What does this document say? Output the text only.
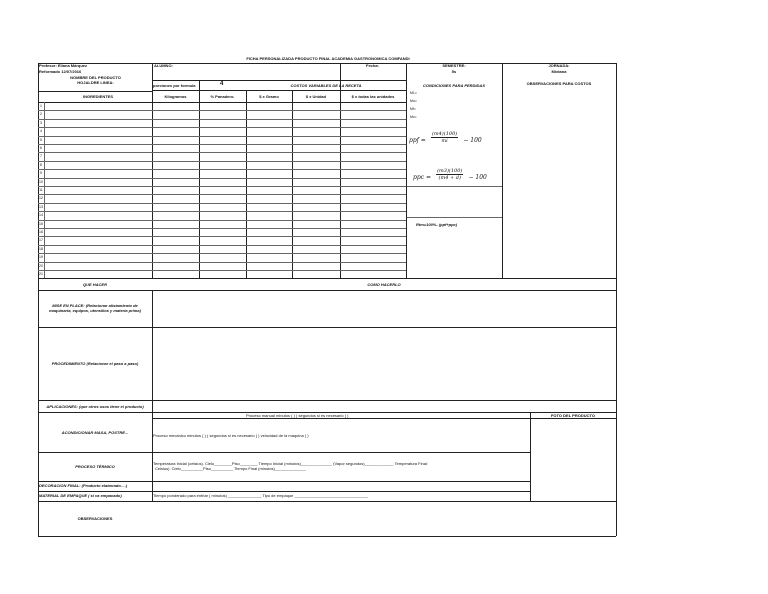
FICHA PERSONALIZADA PRODUCTO FINAL ACADEMIA GASTRONOMICA COMFANDI
Profesor: Eliana Márquez
Reformado 12/07/2016
NOMBRE DEL PRODUCTO
HOJALDRE LINEA:
ALUMNO:	Fecha:	SEMESTRE:
5s
JORNADA:
Mixtana
porciones por formula	4	COSTOS VARIABLES DE LA RECETA	CONDICIONES PARA PERDIDAS	OBSERVACIONES PARA COSTOS
INGREDIENTES	Kilogramos	% Panadero.	$ x Gramo	$ x Unidad	$ x todas las unidades
1
2
3
4
5
6
7
8
9
10
11
12
13
14
15
16
17
18
19
20
21
M1=
Mu=
Mf=
Mx=
ppf = $\frac{(m4)(100)}{mi} - 100$
ppc = $\frac{(m3)(100)}{(m4 + d)} - 100$
Rtm=100%- (ppf+ppc)
QUE HACER	COMO HACERLO
MISE EN PLACE: (Relacionar alistamiento de maquinaria, equipos, utensilios y materia prima)
PROCEDIMIENTO (Relacionar el paso a paso)
APLICACIONES: (que otros usos tiene el producto)
ACONDICIONAR MASA, POSTRE...
Proceso manual minutos ( ) ( segundos si es necesario ( )
Proceso mecánico minutos ( ) ( segundos si es necesario ( ) velocidad de la maquina ( )
FOTO DEL PRODUCTO
PROCESO TÉRMICO
Temperatura Inicial (celsius). Cielo________Piso________ Tiempo Inicial (minutos)______________ (Vapor segundos)_____________ Temperatura Final:
Celsius). Cielo__________Piso__________ Tiempo Final (minutos)______________
DECORACION FINAL: (Producto elaborado….)
MATERIAL DE EMPAQUE ( si va empacado)	Tiempo ponderado para enfriar ( minutos) _______________ Tipo de empaque _________________________________
OBSERVACIONES
